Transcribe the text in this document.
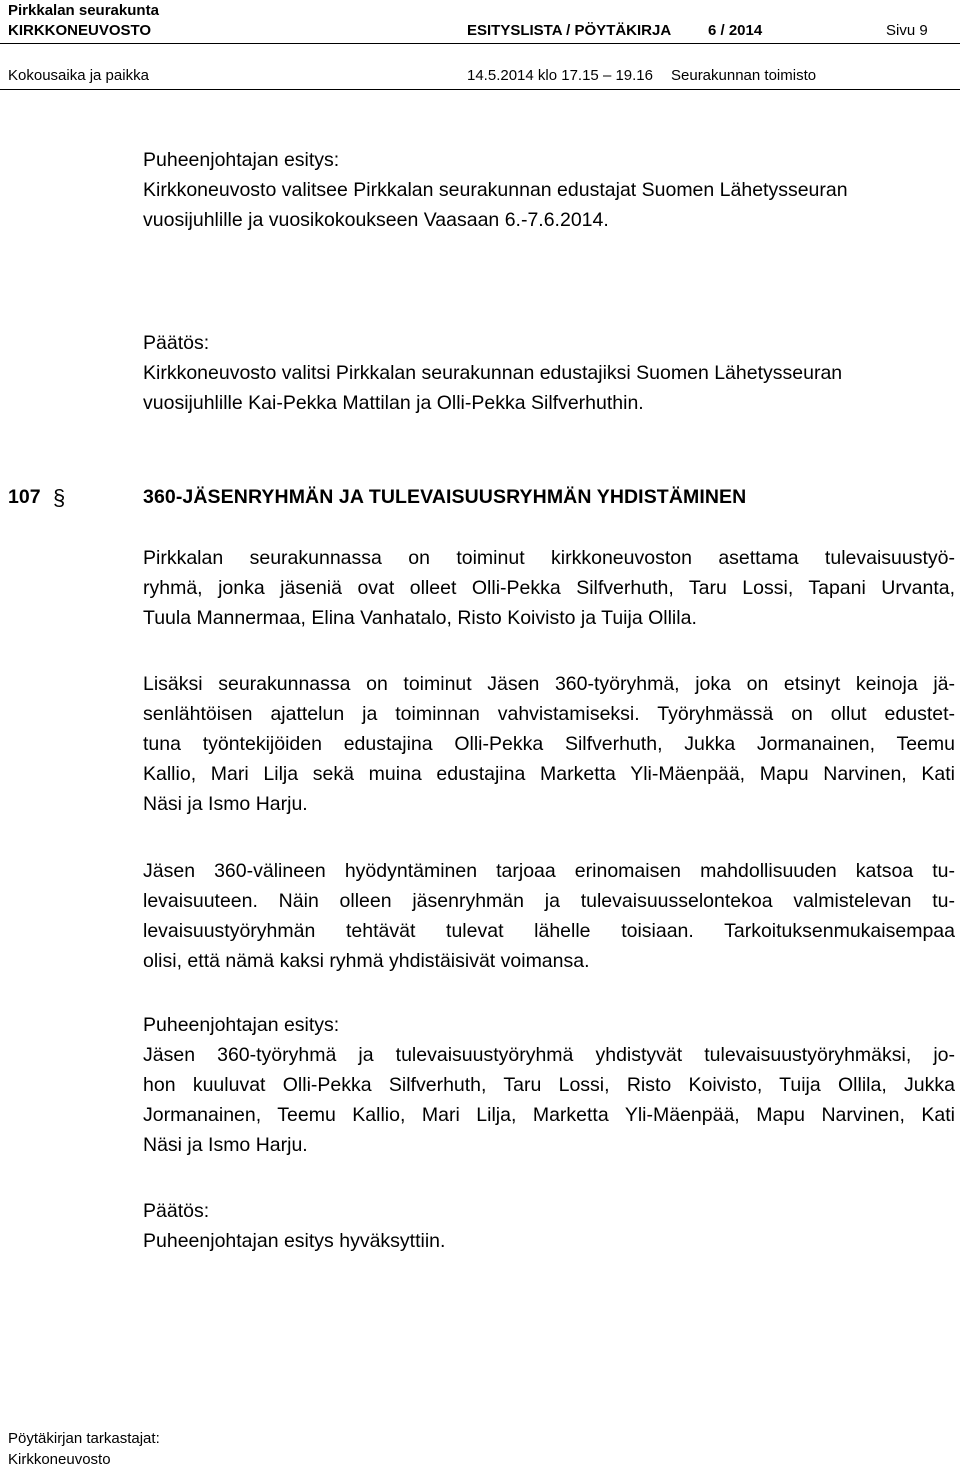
Pirkkalan seurakunta
KIRKKONEUVOSTO	ESITYSLISTA / PÖYTÄKIRJA 6 / 2014	Sivu 9
Kokousaika ja paikka	14.5.2014 klo 17.15 – 19.16 Seurakunnan toimisto
Puheenjohtajan esitys:
Kirkkoneuvosto valitsee Pirkkalan seurakunnan edustajat Suomen Lähetysseuran
vuosijuhlille ja vuosikokoukseen Vaasaan 6.-7.6.2014.
Päätös:
Kirkkoneuvosto valitsi Pirkkalan seurakunnan edustajiksi Suomen Lähetysseuran
vuosijuhlille Kai-Pekka Mattilan ja Olli-Pekka Silfverhuthin.
107 §	360-JÄSENRYHMÄN JA TULEVAISUUSRYHMÄN YHDISTÄMINEN
Pirkkalan seurakunnassa on toiminut kirkkoneuvoston asettama tulevaisuustyö-
ryhmä, jonka jäseniä ovat olleet Olli-Pekka Silfverhuth, Taru Lossi, Tapani Urvanta,
Tuula Mannermaa, Elina Vanhatalo, Risto Koivisto ja Tuija Ollila.
Lisäksi seurakunnassa on toiminut Jäsen 360-työryhmä, joka on etsinyt keinoja jä-
senlähtöisen ajattelun ja toiminnan vahvistamiseksi. Työryhmässä on ollut edustet-
tuna työntekijöiden edustajina Olli-Pekka Silfverhuth, Jukka Jormanainen, Teemu
Kallio, Mari Lilja sekä muina edustajina Marketta Yli-Mäenpää, Mapu Narvinen, Kati
Näsi ja Ismo Harju.
Jäsen 360-välineen hyödyntäminen tarjoaa erinomaisen mahdollisuuden katsoa tu-
levaisuuteen. Näin olleen jäsenryhmän ja tulevaisuusselontekoa valmistelevan tu-
levaisuustyöryhmän tehtävät tulevat lähelle toisiaan. Tarkoituksenmukaisempaa
olisi, että nämä kaksi ryhmä yhdistäisivät voimansa.
Puheenjohtajan esitys:
Jäsen 360-työryhmä ja tulevaisuustyöryhmä yhdistyvät tulevaisuustyöryhmäksi, jo-
hon kuuluvat Olli-Pekka Silfverhuth, Taru Lossi, Risto Koivisto, Tuija Ollila, Jukka
Jormanainen, Teemu Kallio, Mari Lilja, Marketta Yli-Mäenpää, Mapu Narvinen, Kati
Näsi ja Ismo Harju.
Päätös:
Puheenjohtajan esitys hyväksyttiin.
Pöytäkirjan tarkastajat:
Kirkkoneuvosto
